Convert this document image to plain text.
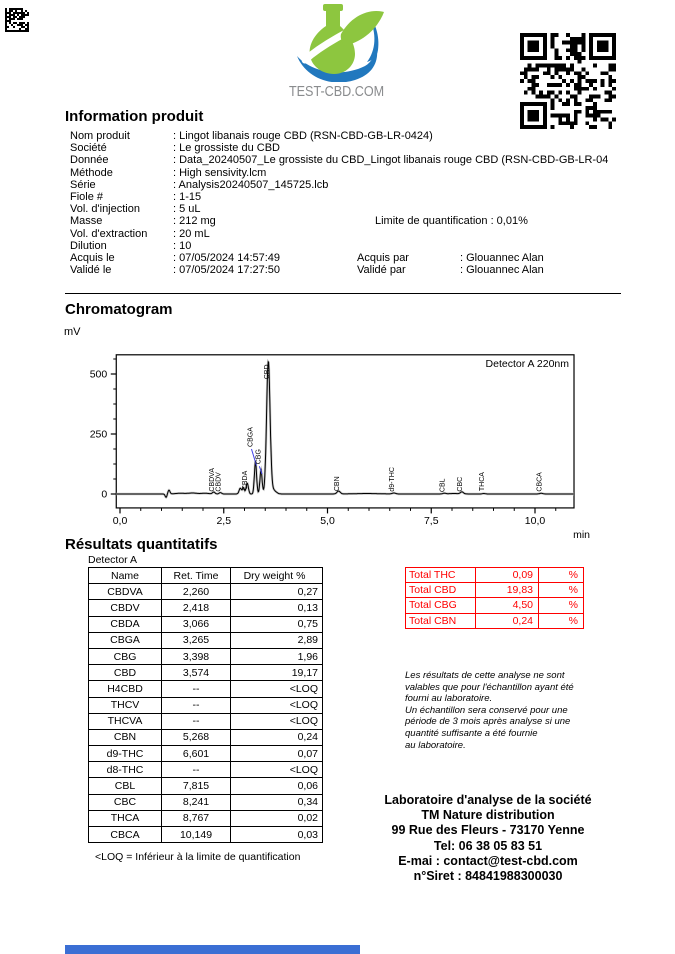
TEST-CBD.COM
Information produit
Nom produit	: Lingot libanais rouge CBD (RSN-CBD-GB-LR-0424)
Société	: Le grossiste du CBD
Donnée	: Data_20240507_Le grossiste du CBD_Lingot libanais rouge CBD (RSN-CBD-GB-LR-04
Méthode	: High sensivity.lcm
Série	: Analysis20240507_145725.lcb
Fiole #	: 1-15
Vol. d'injection	: 5 uL
Masse	: 212 mg	Limite de quantification : 0,01%
Vol. d'extraction	: 20 mL
Dilution	: 10
Acquis le	: 07/05/2024 14:57:49	Acquis par	: Glouannec Alan
Validé le	: 07/05/2024 17:27:50	Validé par	: Glouannec Alan
Chromatogram
mV
0,0	2,5	5,0	7,5	10,0
min
0
250
500
CBDVA CBDV	CBDA
CBGA
CBG
CBD
CBN	d9-THC	CBL CBC THCA	CBCA
Detector A 220nm
Résultats quantitatifs
Detector A
Name	Ret. Time	Dry weight %
CBDVA	2,260	0,27
CBDV	2,418	0,13
CBDA	3,066	0,75
CBGA	3,265	2,89
CBG	3,398	1,96
CBD	3,574	19,17
H4CBD	--	<LOQ
THCV	--	<LOQ
THCVA	--	<LOQ
CBN	5,268	0,24
d9-THC	6,601	0,07
d8-THC	--	<LOQ
CBL	7,815	0,06
CBC	8,241	0,34
THCA	8,767	0,02
CBCA	10,149	0,03
<LOQ = Inférieur à la limite de quantification
Total THC	0,09	%
Total CBD	19,83	%
Total CBG	4,50	%
Total CBN	0,24	%
Les résultats de cette analyse ne sont
valables que pour l'échantillon ayant été
fourni au laboratoire.
Un échantillon sera conservé pour une
période de 3 mois après analyse si une
quantité suffisante a été fournie
au laboratoire.
Laboratoire d'analyse de la société
TM Nature distribution
99 Rue des Fleurs - 73170 Yenne
Tel: 06 38 05 83 51
E-mai : contact@test-cbd.com
n°Siret : 84841988300030
